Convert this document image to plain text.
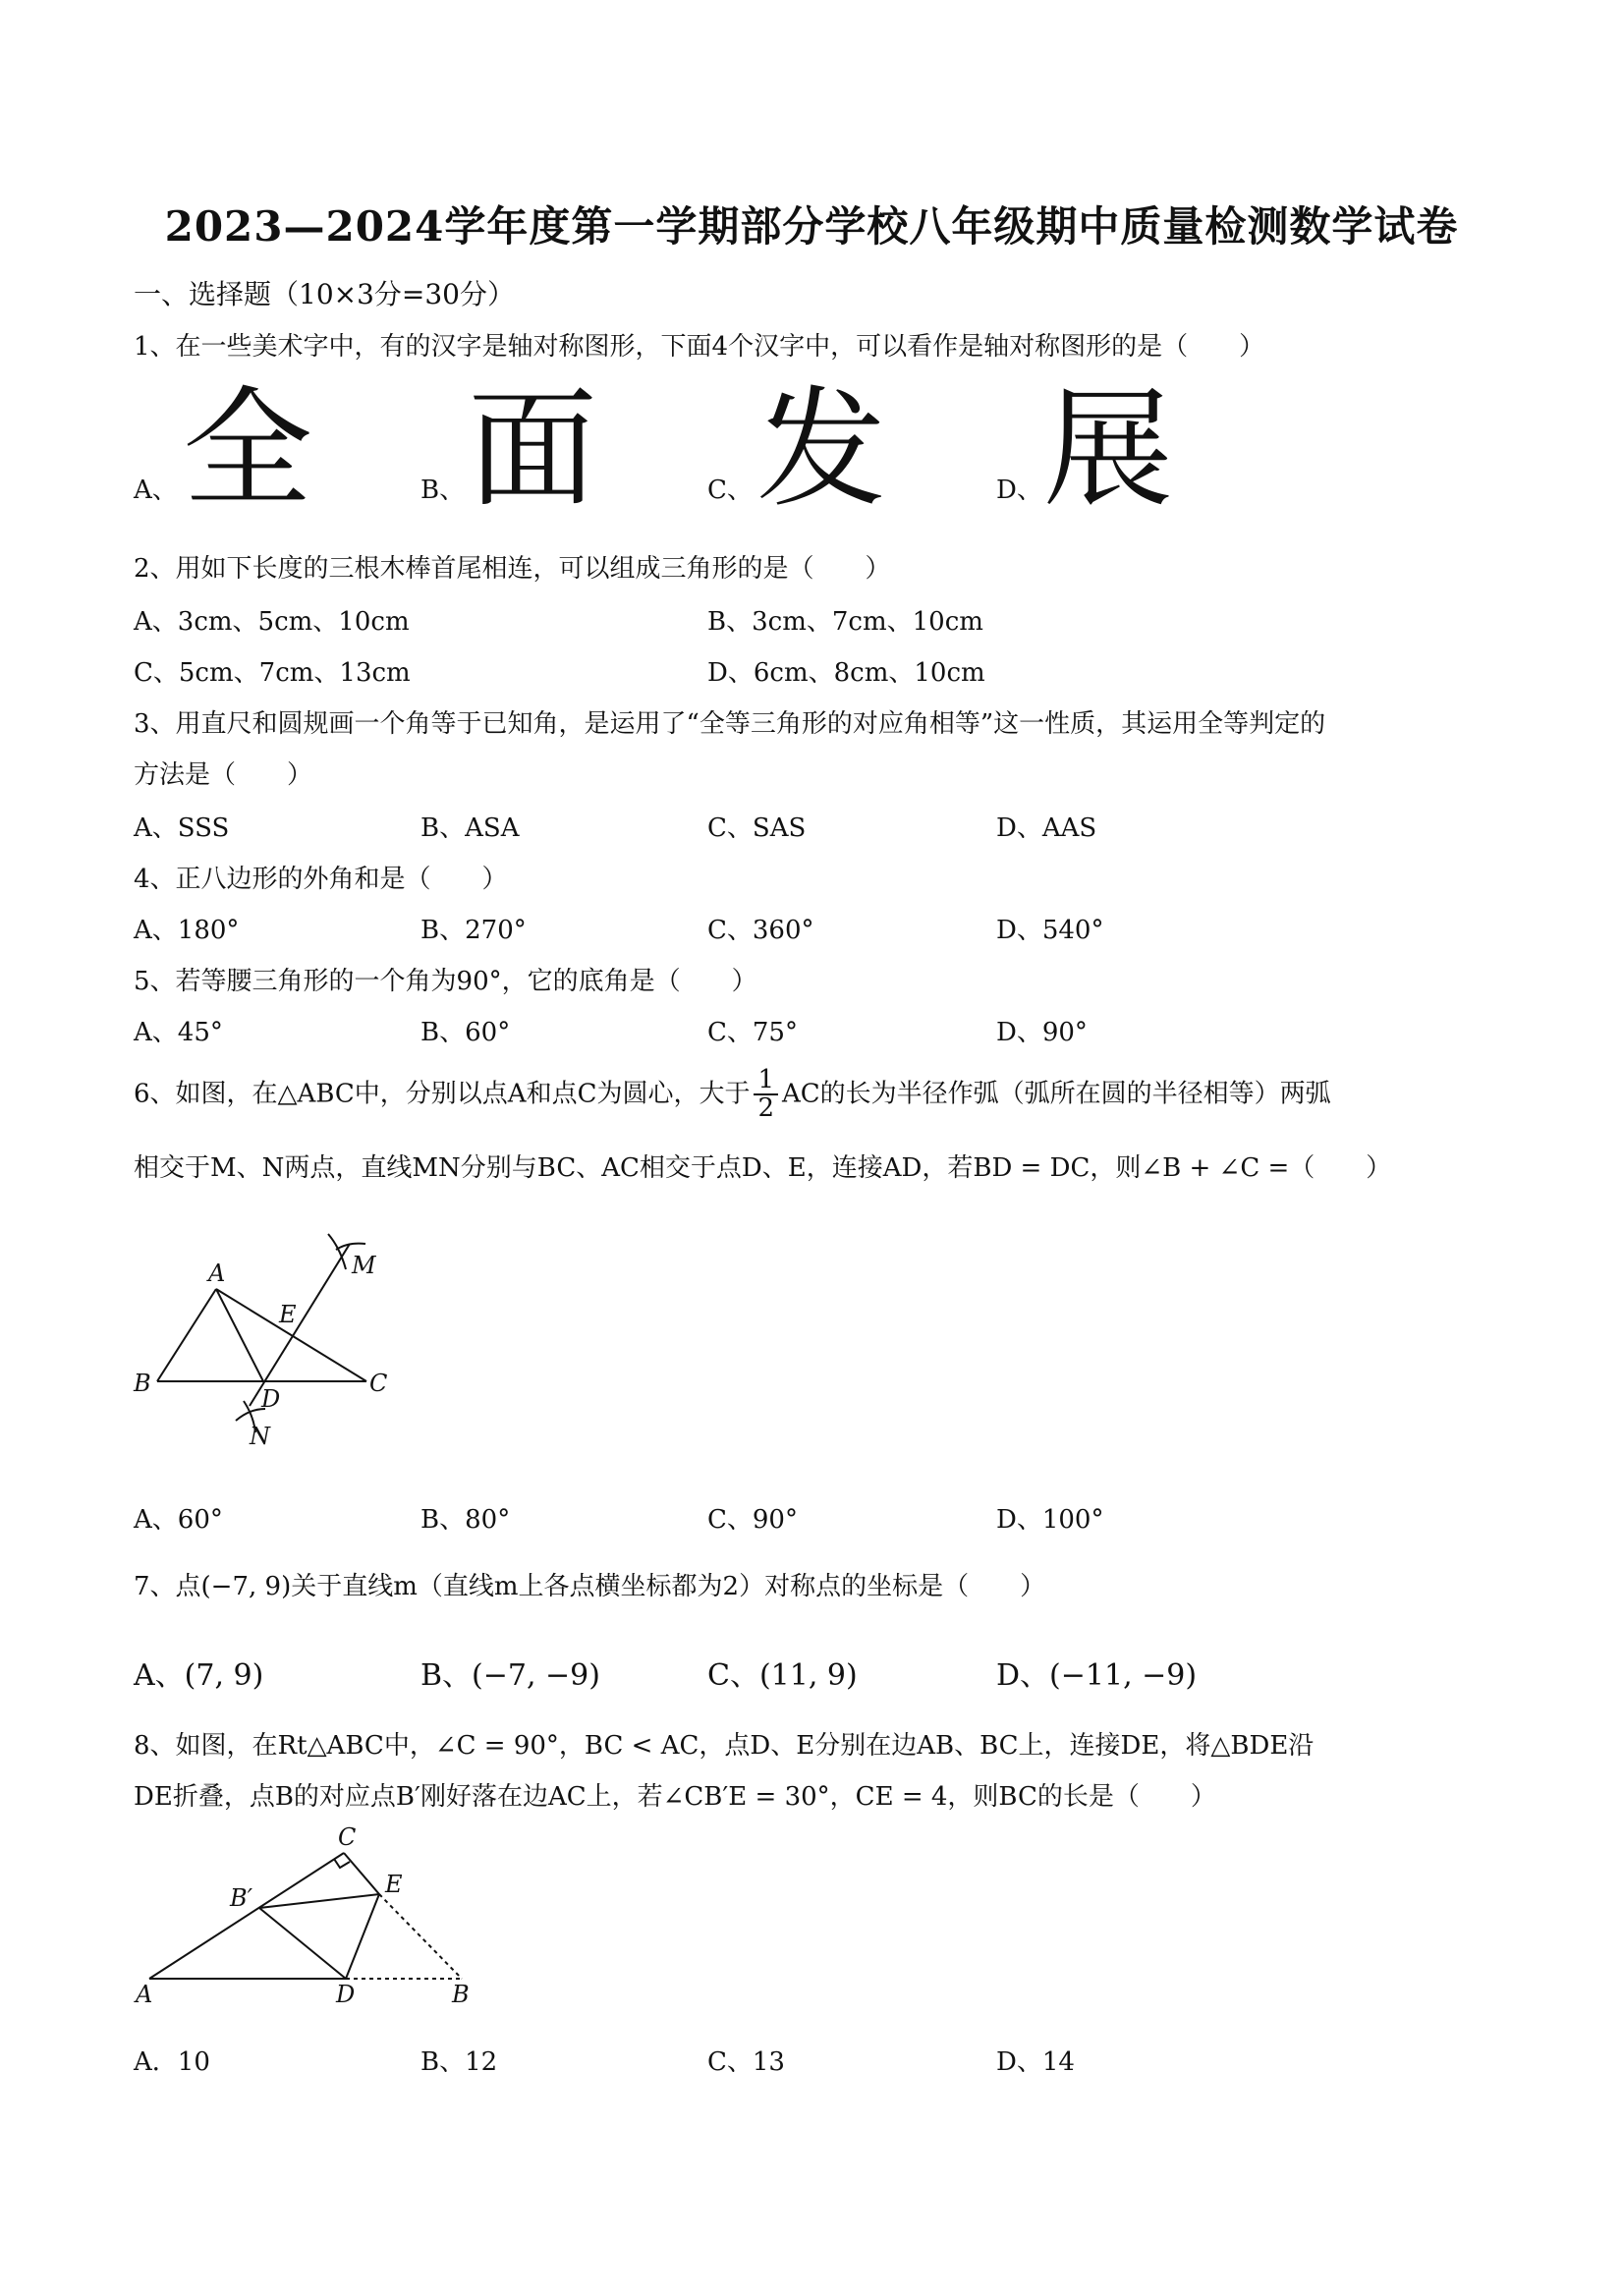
2023—2024学年度第一学期部分学校八年级期中质量检测数学试卷
一、选择题（10×3分=30分）
1、在一些美术字中，有的汉字是轴对称图形，下面4个汉字中，可以看作是轴对称图形的是（　　）
A、 全	B、 面	C、 发	D、 展
2、用如下长度的三根木棒首尾相连，可以组成三角形的是（　　）
A、3cm、5cm、10cm	B、3cm、7cm、10cm
C、5cm、7cm、13cm	D、6cm、8cm、10cm
3、用直尺和圆规画一个角等于已知角，是运用了“全等三角形的对应角相等”这一性质，其运用全等判定的
方法是（　　）
A、SSS	B、ASA	C、SAS	D、AAS
4、正八边形的外角和是（　　）
A、180°	B、270°	C、360°	D、540°
5、若等腰三角形的一个角为90°，它的底角是（　　）
A、45°	B、60°	C、75°	D、90°
6、如图，在△ABC中，分别以点A和点C为圆心，大于 $\frac{1}{2}$ AC的长为半径作弧（弧所在圆的半径相等）两弧
相交于M、N两点，直线MN分别与BC、AC相交于点D、E，连接AD，若BD = DC，则∠B + ∠C =（　　）
A
B	C
D
E
M
N
A、60°	B、80°	C、90°	D、100°
7、点(−7, 9)关于直线m（直线m上各点横坐标都为2）对称点的坐标是（　　）
A、(7, 9)	B、(−7, −9)	C、(11, 9)	D、(−11, −9)
8、如图，在Rt△ABC中，∠C = 90°，BC < AC，点D、E分别在边AB、BC上，连接DE，将△BDE沿
DE折叠，点B的对应点B′刚好落在边AC上，若∠CB′E = 30°，CE = 4，则BC的长是（　　）
A
C
E
D	B
B′
A．10	B、12	C、13	D、14
